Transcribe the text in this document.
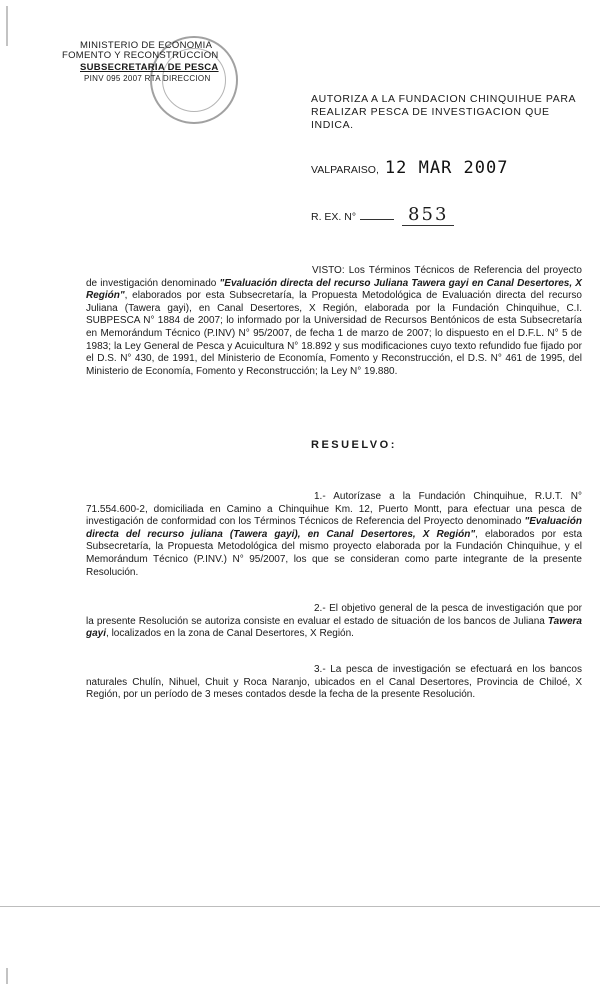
MINISTERIO DE ECONOMIA
FOMENTO Y RECONSTRUCCION
SUBSECRETARIA DE PESCA
PINV 095 2007 RTA DIRECCION
AUTORIZA A LA FUNDACION CHINQUIHUE PARA REALIZAR PESCA DE INVESTIGACION QUE INDICA.
VALPARAISO, 12 MAR 2007
R. EX. N°	853
VISTO: Los Términos Técnicos de Referencia del proyecto de investigación denominado "Evaluación directa del recurso Juliana Tawera gayi en Canal Desertores, X Región", elaborados por esta Subsecretaría, la Propuesta Metodológica de Evaluación directa del recurso Juliana (Tawera gayi), en Canal Desertores, X Región, elaborada por la Fundación Chinquihue, C.I. SUBPESCA N° 1884 de 2007; lo informado por la Universidad de Recursos Bentónicos de esta Subsecretaría en Memorándum Técnico (P.INV) N° 95/2007, de fecha 1 de marzo de 2007; lo dispuesto en el D.F.L. N° 5 de 1983; la Ley General de Pesca y Acuicultura N° 18.892 y sus modificaciones cuyo texto refundido fue fijado por el D.S. N° 430, de 1991, del Ministerio de Economía, Fomento y Reconstrucción, el D.S. N° 461 de 1995, del Ministerio de Economía, Fomento y Reconstrucción; la Ley N° 19.880.
RESUELVO:
1.- Autorízase a la Fundación Chinquihue, R.U.T. N° 71.554.600-2, domiciliada en Camino a Chinquihue Km. 12, Puerto Montt, para efectuar una pesca de investigación de conformidad con los Términos Técnicos de Referencia del Proyecto denominado "Evaluación directa del recurso juliana (Tawera gayi), en Canal Desertores, X Región", elaborados por esta Subsecretaría, la Propuesta Metodológica del mismo proyecto elaborada por la Fundación Chinquihue, y el Memorándum Técnico (P.INV.) N° 95/2007, los que se consideran como parte integrante de la presente Resolución.
2.- El objetivo general de la pesca de investigación que por la presente Resolución se autoriza consiste en evaluar el estado de situación de los bancos de Juliana Tawera gayi, localizados en la zona de Canal Desertores, X Región.
3.- La pesca de investigación se efectuará en los bancos naturales Chulín, Nihuel, Chuit y Roca Naranjo, ubicados en el Canal Desertores, Provincia de Chiloé, X Región, por un período de 3 meses contados desde la fecha de la presente Resolución.
